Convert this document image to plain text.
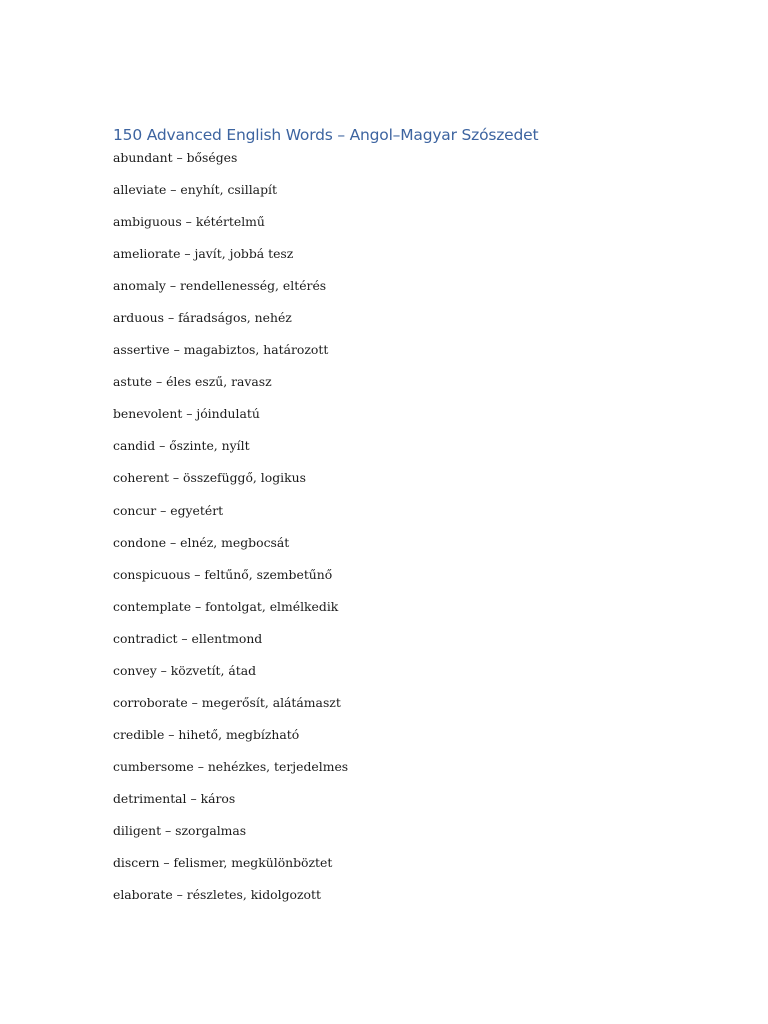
150 Advanced English Words – Angol–Magyar Szószedet
abundant – bőséges
alleviate – enyhít, csillapít
ambiguous – kétértelmű
ameliorate – javít, jobbá tesz
anomaly – rendellenesség, eltérés
arduous – fáradságos, nehéz
assertive – magabiztos, határozott
astute – éles eszű, ravasz
benevolent – jóindulatú
candid – őszinte, nyílt
coherent – összefüggő, logikus
concur – egyetért
condone – elnéz, megbocsát
conspicuous – feltűnő, szembetűnő
contemplate – fontolgat, elmélkedik
contradict – ellentmond
convey – közvetít, átad
corroborate – megerősít, alátámaszt
credible – hihető, megbízható
cumbersome – nehézkes, terjedelmes
detrimental – káros
diligent – szorgalmas
discern – felismer, megkülönböztet
elaborate – részletes, kidolgozott
